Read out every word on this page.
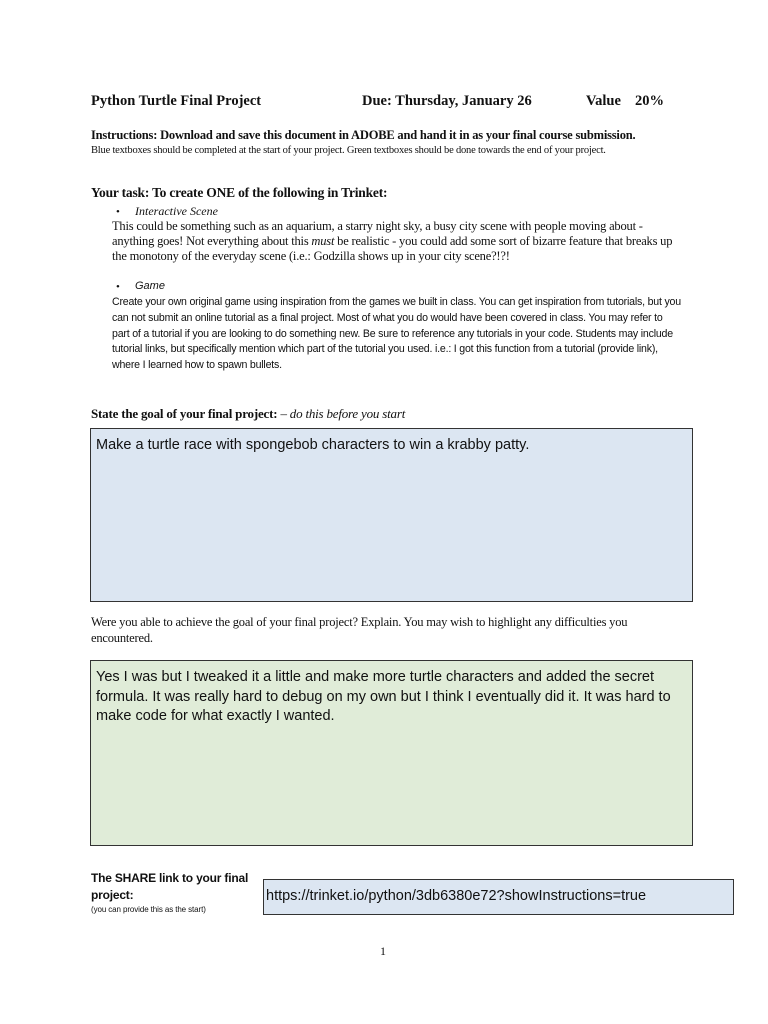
Python Turtle Final Project	Due: Thursday, January 26	Value 20%
Instructions: Download and save this document in ADOBE and hand it in as your final course submission.
Blue textboxes should be completed at the start of your project. Green textboxes should be done towards the end of your project.
Your task: To create ONE of the following in Trinket:
• Interactive Scene
This could be something such as an aquarium, a starry night sky, a busy city scene with people moving about - anything goes! Not everything about this must be realistic - you could add some sort of bizarre feature that breaks up the monotony of the everyday scene (i.e.: Godzilla shows up in your city scene?!?!
• Game
Create your own original game using inspiration from the games we built in class. You can get inspiration from tutorials, but you can not submit an online tutorial as a final project. Most of what you do would have been covered in class. You may refer to part of a tutorial if you are looking to do something new. Be sure to reference any tutorials in your code. Students may include tutorial links, but specifically mention which part of the tutorial you used. i.e.: I got this function from a tutorial (provide link), where I learned how to spawn bullets.
State the goal of your final project: – do this before you start
Make a turtle race with spongebob characters to win a krabby patty.
Were you able to achieve the goal of your final project? Explain. You may wish to highlight any difficulties you encountered.
Yes I was but I tweaked it a little and make more turtle characters and added the secret formula. It was really hard to debug on my own but I think I eventually did it. It was hard to make code for what exactly I wanted.
The SHARE link to your final project:
(you can provide this as the start)
https://trinket.io/python/3db6380e72?showInstructions=true
1
